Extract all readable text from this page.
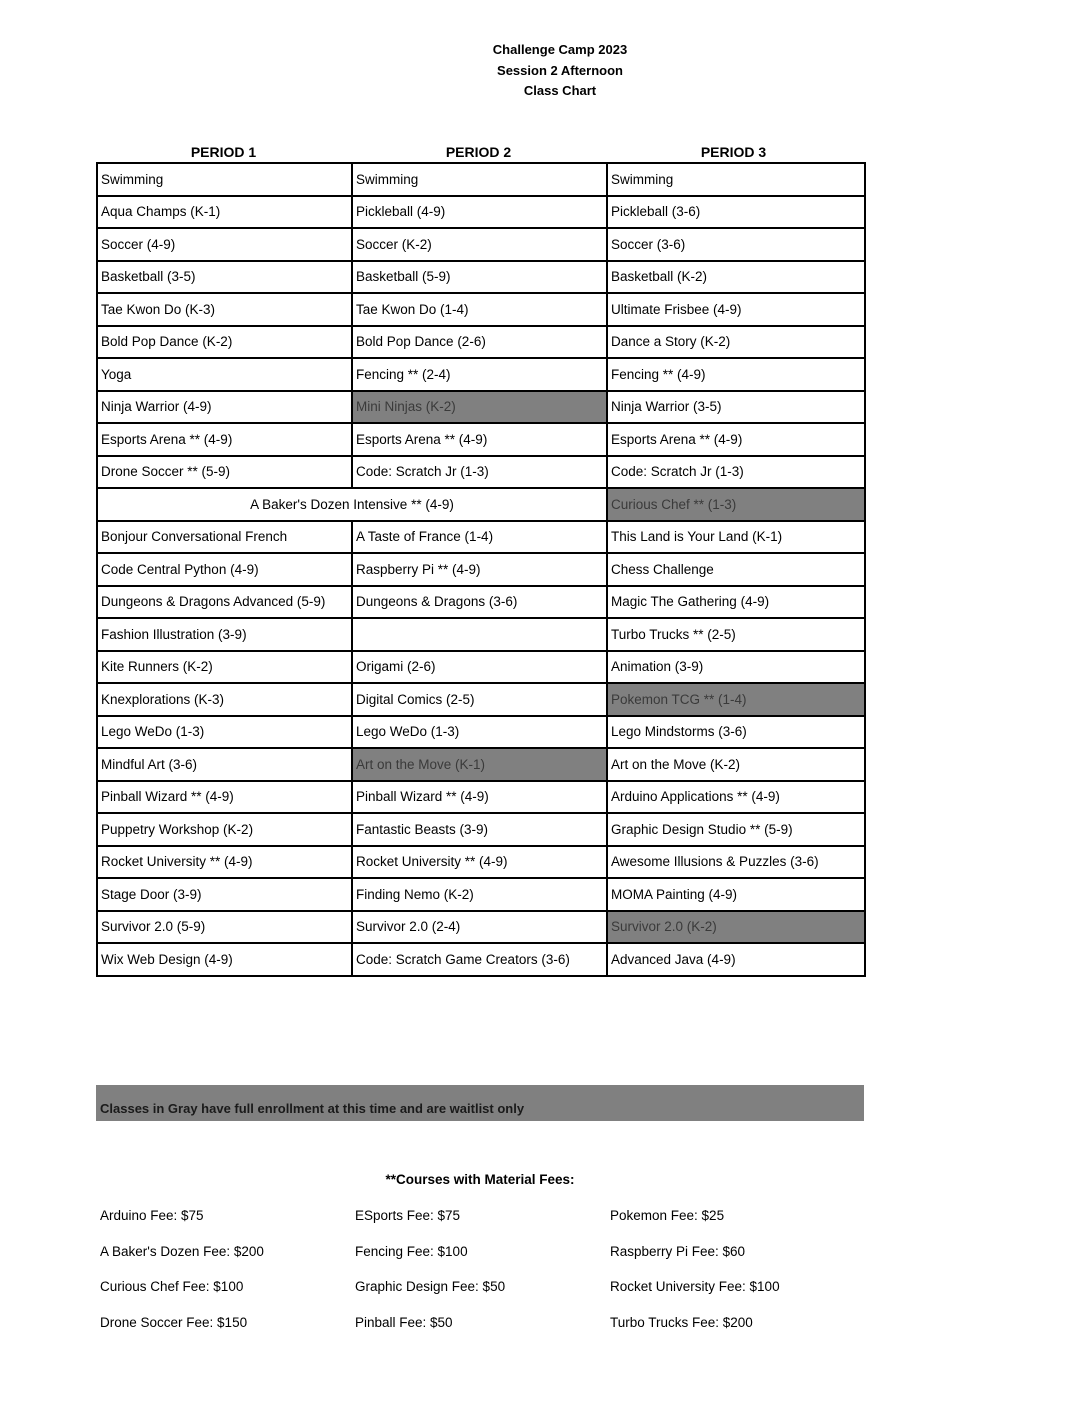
Challenge Camp 2023
Session 2 Afternoon
Class Chart
PERIOD 1	PERIOD 2	PERIOD 3
Swimming	Swimming	Swimming
Aqua Champs (K-1)	Pickleball (4-9)	Pickleball (3-6)
Soccer (4-9)	Soccer (K-2)	Soccer (3-6)
Basketball (3-5)	Basketball (5-9)	Basketball (K-2)
Tae Kwon Do (K-3)	Tae Kwon Do (1-4)	Ultimate Frisbee (4-9)
Bold Pop Dance (K-2)	Bold Pop Dance (2-6)	Dance a Story (K-2)
Yoga	Fencing ** (2-4)	Fencing ** (4-9)
Ninja Warrior (4-9)	Mini Ninjas (K-2)	Ninja Warrior (3-5)
Esports Arena ** (4-9)	Esports Arena ** (4-9)	Esports Arena ** (4-9)
Drone Soccer ** (5-9)	Code: Scratch Jr (1-3)	Code: Scratch Jr (1-3)
A Baker's Dozen Intensive ** (4-9)		Curious Chef ** (1-3)
Bonjour Conversational French	A Taste of France (1-4)	This Land is Your Land (K-1)
Code Central Python (4-9)	Raspberry Pi ** (4-9)	Chess Challenge
Dungeons & Dragons Advanced (5-9)	Dungeons & Dragons (3-6)	Magic The Gathering (4-9)
Fashion Illustration (3-9)		Turbo Trucks ** (2-5)
Kite Runners (K-2)	Origami (2-6)	Animation (3-9)
Knexplorations (K-3)	Digital Comics (2-5)	Pokemon TCG ** (1-4)
Lego WeDo (1-3)	Lego WeDo (1-3)	Lego Mindstorms (3-6)
Mindful Art (3-6)	Art on the Move (K-1)	Art on the Move (K-2)
Pinball Wizard ** (4-9)	Pinball Wizard ** (4-9)	Arduino Applications ** (4-9)
Puppetry Workshop (K-2)	Fantastic Beasts (3-9)	Graphic Design Studio ** (5-9)
Rocket University ** (4-9)	Rocket University ** (4-9)	Awesome Illusions & Puzzles (3-6)
Stage Door (3-9)	Finding Nemo (K-2)	MOMA Painting (4-9)
Survivor 2.0 (5-9)	Survivor 2.0 (2-4)	Survivor 2.0 (K-2)
Wix Web Design (4-9)	Code: Scratch Game Creators (3-6)	Advanced Java (4-9)
Classes in Gray have full enrollment at this time and are waitlist only
**Courses with Material Fees:
Arduino Fee: $75	ESports Fee: $75	Pokemon Fee: $25
A Baker's Dozen Fee: $200	Fencing Fee: $100	Raspberry Pi Fee: $60
Curious Chef Fee: $100	Graphic Design Fee: $50	Rocket University Fee: $100
Drone Soccer Fee: $150	Pinball Fee: $50	Turbo Trucks Fee: $200
